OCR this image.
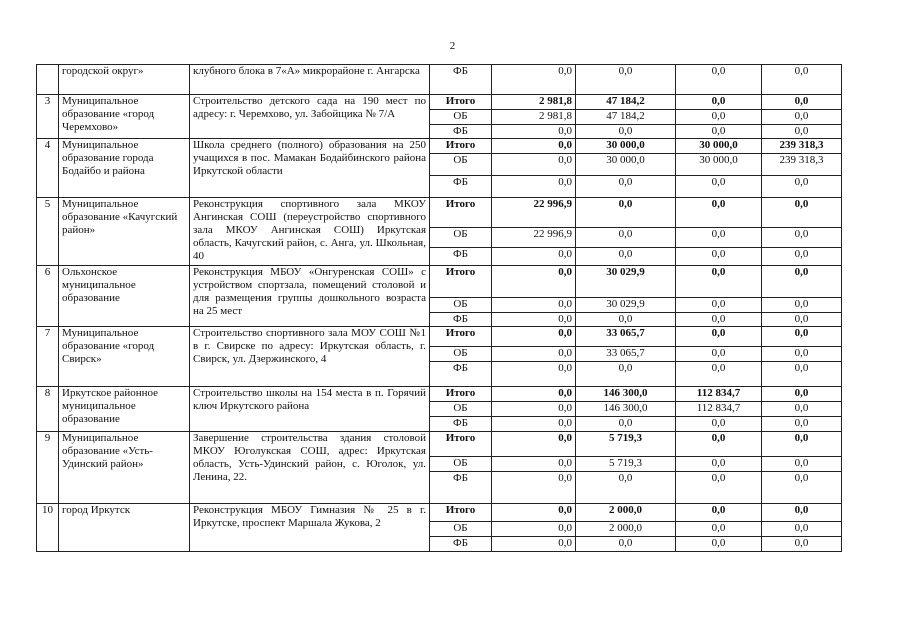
2
	городской округ»	клубного блока в 7«А» микрорайоне г. Ангарска	ФБ	0,0	0,0	0,0	0,0
3	Муниципальное образование «город Черемхово»	Строительство детского сада на 190 мест по адресу: г. Черемхово, ул. Забойщика № 7/А	Итого	2 981,8	47 184,2	0,0	0,0
			ОБ	2 981,8	47 184,2	0,0	0,0
			ФБ	0,0	0,0	0,0	0,0
4	Муниципальное образование города Бодайбо и района	Школа среднего (полного) образования на 250 учащихся в пос. Мамакан Бодайбинского района Иркутской области	Итого	0,0	30 000,0	30 000,0	239 318,3
			ОБ	0,0	30 000,0	30 000,0	239 318,3
			ФБ	0,0	0,0	0,0	0,0
5	Муниципальное образование «Качугский район»	Реконструкция спортивного зала МКОУ Ангинская СОШ (переустройство спортивного зала МКОУ Ангинская СОШ) Иркутская область, Качугский район, с. Анга, ул. Школьная, 40	Итого	22 996,9	0,0	0,0	0,0
			ОБ	22 996,9	0,0	0,0	0,0
			ФБ	0,0	0,0	0,0	0,0
6	Ольхонское муниципальное образование	Реконструкция МБОУ «Онгуренская СОШ» с устройством спортзала, помещений столовой и для размещения группы дошкольного возраста на 25 мест	Итого	0,0	30 029,9	0,0	0,0
			ОБ	0,0	30 029,9	0,0	0,0
			ФБ	0,0	0,0	0,0	0,0
7	Муниципальное образование «город Свирск»	Строительство спортивного зала МОУ СОШ №1 в г. Свирске по адресу: Иркутская область, г. Свирск, ул. Дзержинского, 4	Итого	0,0	33 065,7	0,0	0,0
			ОБ	0,0	33 065,7	0,0	0,0
			ФБ	0,0	0,0	0,0	0,0
8	Иркутское районное муниципальное образование	Строительство школы на 154 места в п. Горячий ключ Иркутского района	Итого	0,0	146 300,0	112 834,7	0,0
			ОБ	0,0	146 300,0	112 834,7	0,0
			ФБ	0,0	0,0	0,0	0,0
9	Муниципальное образование «Усть-Удинский район»	Завершение строительства здания столовой МКОУ Юголукская СОШ, адрес: Иркутская область, Усть-Удинский район, с. Юголок, ул. Ленина, 22.	Итого	0,0	5 719,3	0,0	0,0
			ОБ	0,0	5 719,3	0,0	0,0
			ФБ	0,0	0,0	0,0	0,0
10	город Иркутск	Реконструкция МБОУ Гимназия № 25 в г. Иркутске, проспект Маршала Жукова, 2	Итого	0,0	2 000,0	0,0	0,0
			ОБ	0,0	2 000,0	0,0	0,0
			ФБ	0,0	0,0	0,0	0,0
